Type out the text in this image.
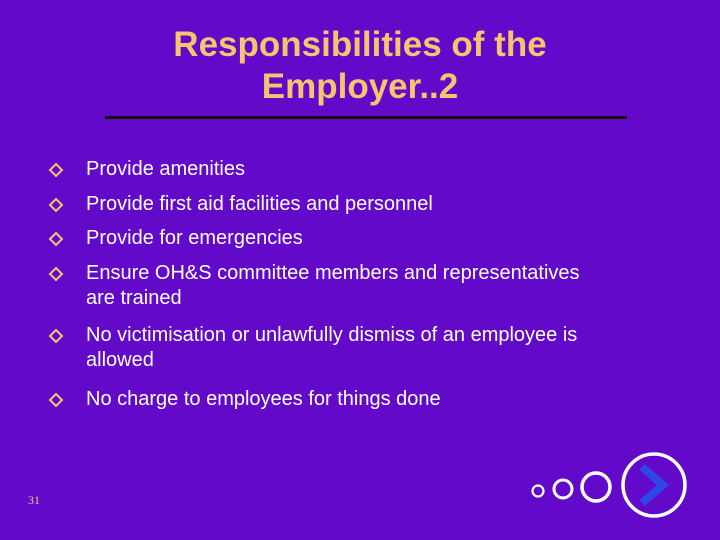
Responsibilities of the
Employer..2
Provide amenities
Provide first aid facilities and personnel
Provide for emergencies
Ensure OH&S committee members and representatives
are trained
No victimisation or unlawfully dismiss of an employee is
allowed
No charge to employees for things done
31
